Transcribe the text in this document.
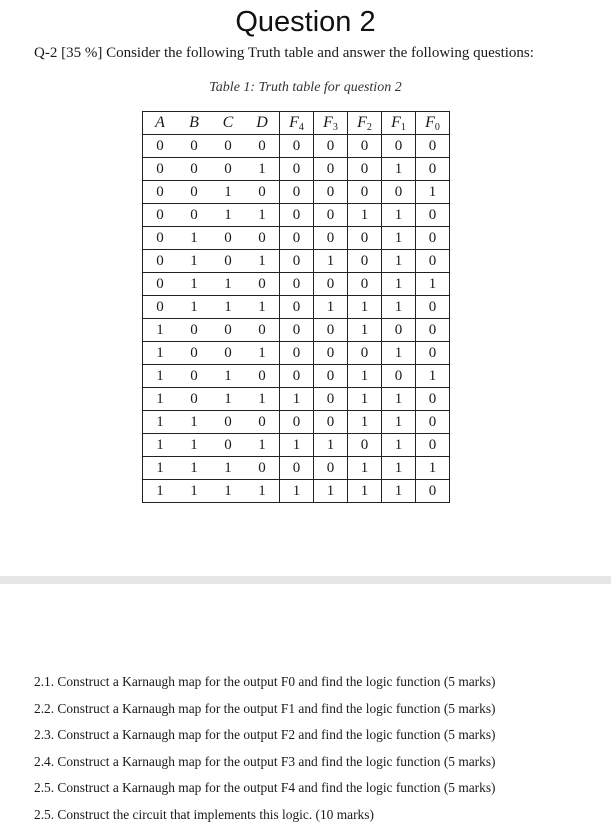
Question 2
Q-2 [35 %] Consider the following Truth table and answer the following questions:
Table 1: Truth table for question 2
A	B	C	D	$F_4$	$F_3$	$F_2$	$F_1$	$F_0$
0	0	0	0	0	0	0	0	0
0	0	0	1	0	0	0	1	0
0	0	1	0	0	0	0	0	1
0	0	1	1	0	0	1	1	0
0	1	0	0	0	0	0	1	0
0	1	0	1	0	1	0	1	0
0	1	1	0	0	0	0	1	1
0	1	1	1	0	1	1	1	0
1	0	0	0	0	0	1	0	0
1	0	0	1	0	0	0	1	0
1	0	1	0	0	0	1	0	1
1	0	1	1	1	0	1	1	0
1	1	0	0	0	0	1	1	0
1	1	0	1	1	1	0	1	0
1	1	1	0	0	0	1	1	1
1	1	1	1	1	1	1	1	0
2.1. Construct a Karnaugh map for the output F0 and find the logic function (5 marks)
2.2. Construct a Karnaugh map for the output F1 and find the logic function (5 marks)
2.3. Construct a Karnaugh map for the output F2 and find the logic function (5 marks)
2.4. Construct a Karnaugh map for the output F3 and find the logic function (5 marks)
2.5. Construct a Karnaugh map for the output F4 and find the logic function (5 marks)
2.5. Construct the circuit that implements this logic. (10 marks)
